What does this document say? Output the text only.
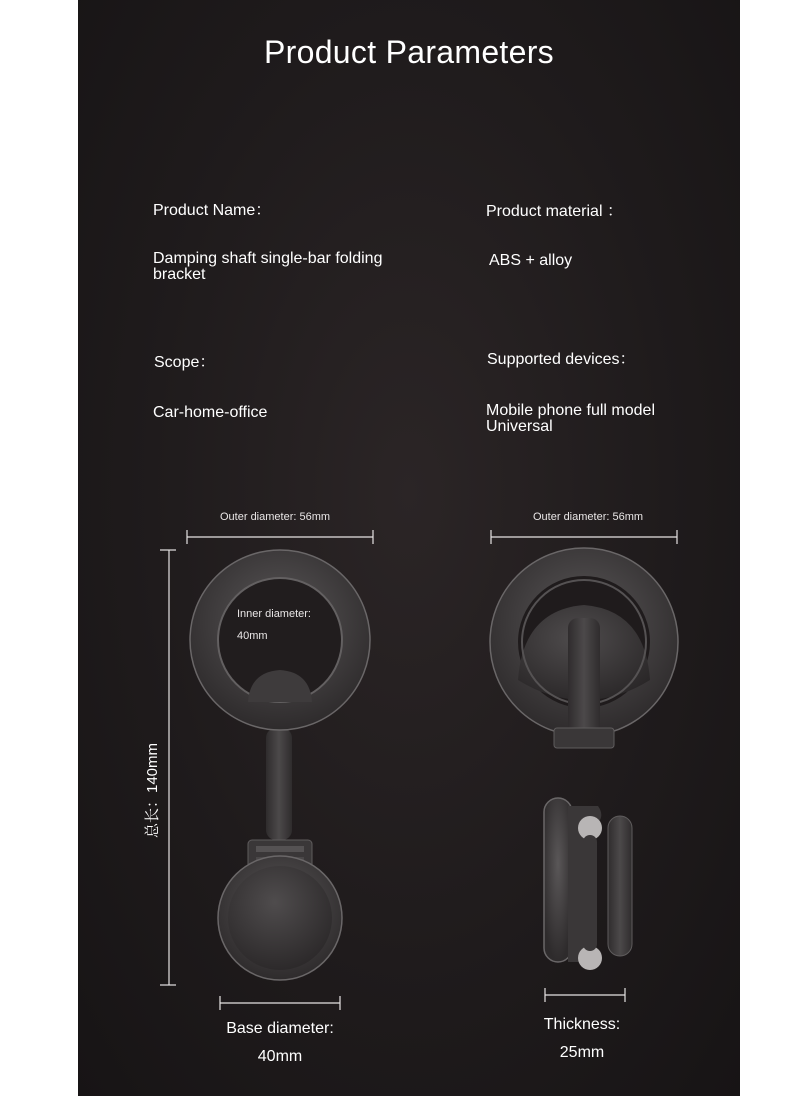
Product Parameters
Product Name：
Damping shaft single-bar folding bracket
Product material ：
ABS + alloy
Scope：
Car-home-office
Supported devices：
Mobile phone full model Universal
Outer diameter: 56mm	Outer diameter: 56mm
Inner diameter:
40mm
总长：140mm
Base diameter:
40mm
Thickness:
25mm
